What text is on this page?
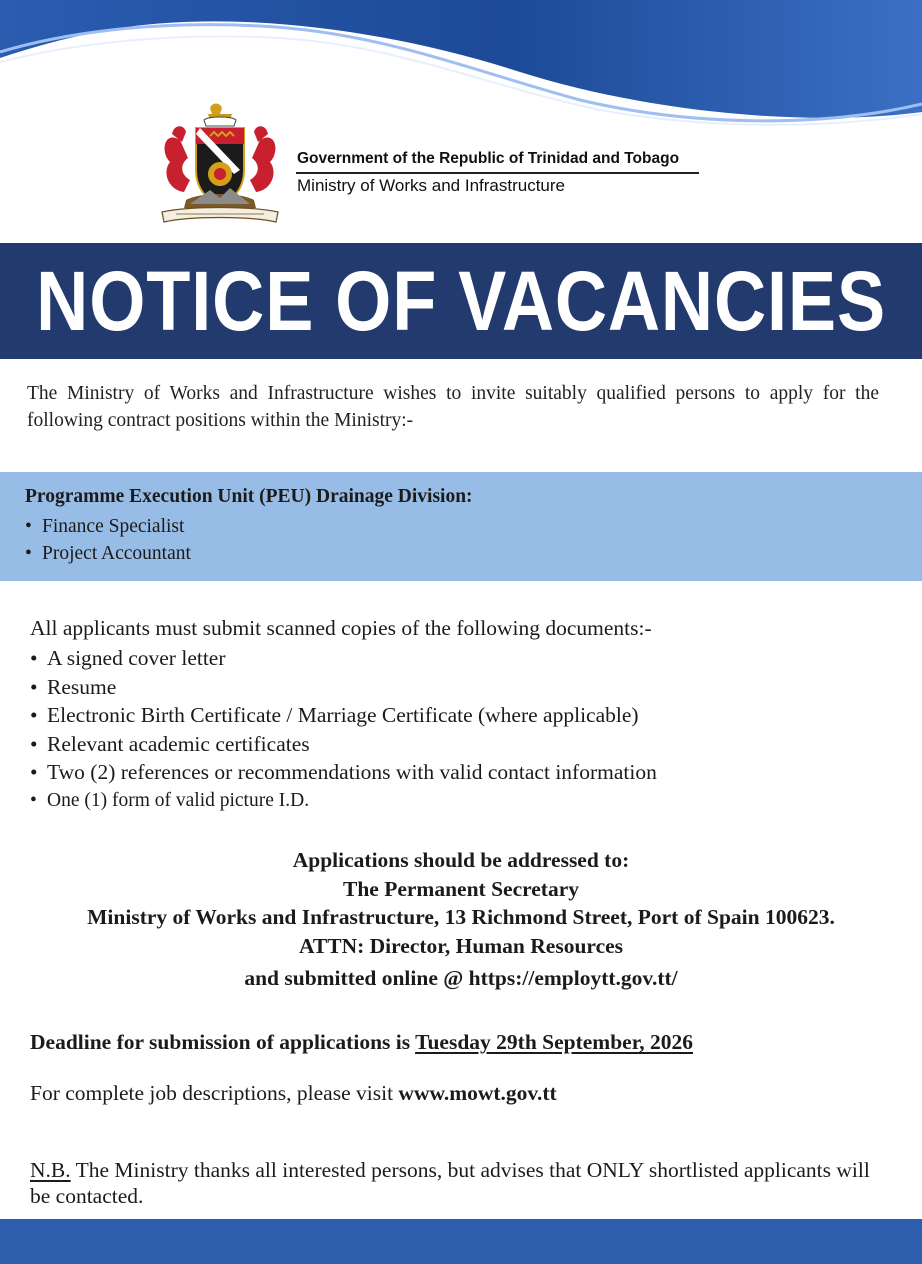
Government of the Republic of Trinidad and Tobago
Ministry of Works and Infrastructure
NOTICE OF VACANCIES

The Ministry of Works and Infrastructure wishes to invite suitably qualified persons to apply for the following contract positions within the Ministry:-

Programme Execution Unit (PEU) Drainage Division:
• Finance Specialist
• Project Accountant
All applicants must submit scanned copies of the following documents:-
• A signed cover letter
• Resume
• Electronic Birth Certificate / Marriage Certificate (where applicable)
• Relevant academic certificates
• Two (2) references or recommendations with valid contact information
• One (1) form of valid picture I.D.
Applications should be addressed to:
The Permanent Secretary
Ministry of Works and Infrastructure, 13 Richmond Street, Port of Spain 100623.
ATTN: Director, Human Resources
and submitted online @ https://employtt.gov.tt/
Deadline for submission of applications is Tuesday 29th September, 2026
For complete job descriptions, please visit www.mowt.gov.tt
N.B. The Ministry thanks all interested persons, but advises that ONLY shortlisted applicants will be contacted.
